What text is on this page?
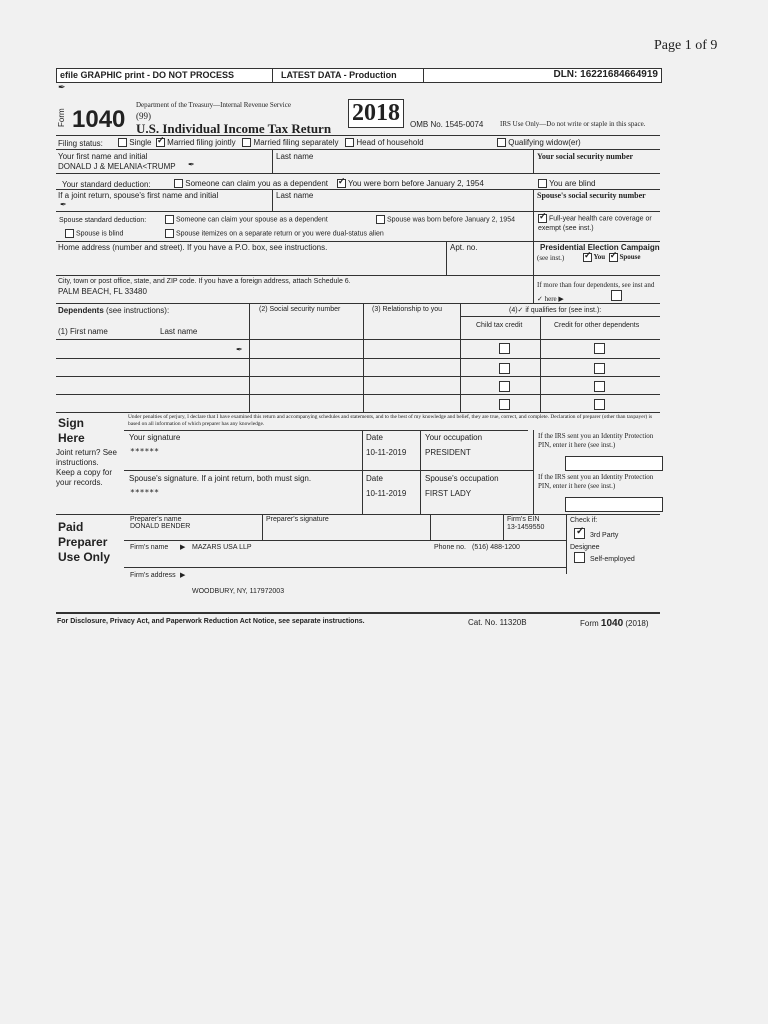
Page 1 of 9
efile GRAPHIC print - DO NOT PROCESS	LATEST DATA - Production	DLN: 16221684664919
✒
Form 1040
Department of the Treasury—Internal Revenue Service
(99)
U.S. Individual Income Tax Return
2018	OMB No. 1545-0074 IRS Use Only—Do not write or staple in this space.
Filing status:	Single ✓ Married filing jointly Married filing separately Head of household	Qualifying widow(er)
Your first name and initial
DONALD J & MELANIA<TRUMP ✒
Last name	Your social security number
Your standard deduction:	Someone can claim you as a dependent ✓ You were born before January 2, 1954	You are blind
If a joint return, spouse's first name and initial
✒
Last name	Spouse's social security number
Spouse standard deduction:	Someone can claim your spouse as a dependent	Spouse was born before January 2, 1954
Spouse is blind	Spouse itemizes on a separate return or you were dual-status alien
✓ Full-year health care coverage or exempt (see inst.)
Home address (number and street). If you have a P.O. box, see instructions.	Apt. no.	Presidential Election Campaign
(see inst.) ✓	You ✓ Spouse
City, town or post office, state, and ZIP code. If you have a foreign address, attach Schedule 6.
PALM BEACH, FL 33480
If more than four dependents, see inst and ✓ here ▶
Dependents (see instructions):
(1) First name	Last name
(2) Social security number	(3) Relationship to you	(4)✓ if qualifies for (see inst.):
Child tax credit	Credit for other dependents
✒
Sign
Here
Joint return? See instructions. Keep a copy for your records.
Under penalties of perjury, I declare that I have examined this return and accompanying schedules and statements, and to the best of my knowledge and belief, they are true, correct, and complete. Declaration of preparer (other than taxpayer) is based on all information of which preparer has any knowledge.
Your signature
******
Date
10-11-2019
Your occupation
PRESIDENT
If the IRS sent you an Identity Protection PIN, enter it here (see inst.)
Spouse's signature. If a joint return, both must sign.
******
Date
10-11-2019
Spouse's occupation
FIRST LADY
If the IRS sent you an Identity Protection PIN, enter it here (see inst.)
Paid
Preparer
Use Only
Preparer's name
DONALD BENDER
Preparer's signature	Firm's EIN
13-1459550
Check if:
✓ 3rd Party Designee
Self-employed
Firm's name ▶ MAZARS USA LLP	Phone no. (516) 488-1200
Firm's address ▶
WOODBURY, NY, 117972003
For Disclosure, Privacy Act, and Paperwork Reduction Act Notice, see separate instructions.	Cat. No. 11320B	Form 1040 (2018)
